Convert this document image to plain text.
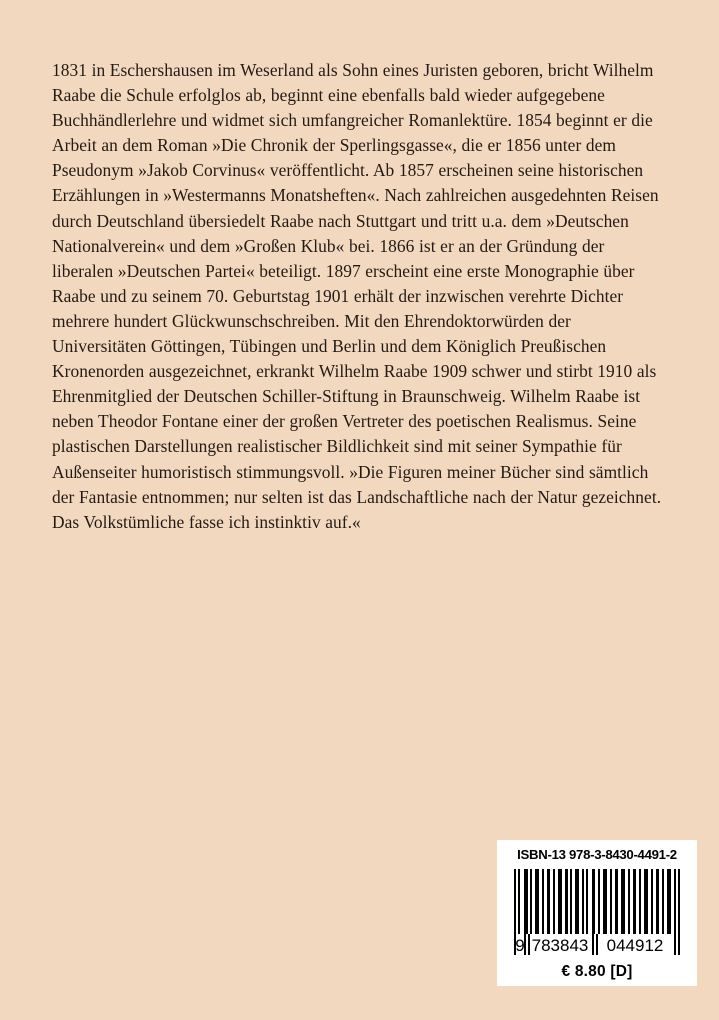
1831 in Eschershausen im Weserland als Sohn eines Juristen geboren, bricht Wilhelm Raabe die Schule erfolglos ab, beginnt eine ebenfalls bald wieder aufgegebene Buchhändlerlehre und widmet sich umfangreicher Romanlektüre. 1854 beginnt er die Arbeit an dem Roman »Die Chronik der Sperlingsgasse«, die er 1856 unter dem Pseudonym »Jakob Corvinus« veröffentlicht. Ab 1857 erscheinen seine historischen Erzählungen in »Westermanns Monatsheften«. Nach zahlreichen ausgedehnten Reisen durch Deutschland übersiedelt Raabe nach Stuttgart und tritt u.a. dem »Deutschen Nationalverein« und dem »Großen Klub« bei. 1866 ist er an der Gründung der liberalen »Deutschen Partei« beteiligt. 1897 erscheint eine erste Monographie über Raabe und zu seinem 70. Geburtstag 1901 erhält der inzwischen verehrte Dichter mehrere hundert Glückwunschschreiben. Mit den Ehrendoktorwürden der Universitäten Göttingen, Tübingen und Berlin und dem Königlich Preußischen Kronenorden ausgezeichnet, erkrankt Wilhelm Raabe 1909 schwer und stirbt 1910 als Ehrenmitglied der Deutschen Schiller-Stiftung in Braunschweig. Wilhelm Raabe ist neben Theodor Fontane einer der großen Vertreter des poetischen Realismus. Seine plastischen Darstellungen realistischer Bildlichkeit sind mit seiner Sympathie für Außenseiter humoristisch stimmungsvoll. »Die Figuren meiner Bücher sind sämtlich der Fantasie entnommen; nur selten ist das Landschaftliche nach der Natur gezeichnet. Das Volkstümliche fasse ich instinktiv auf.«
ISBN-13 978-3-8430-4491-2
9 783843 044912
€ 8.80 [D]
